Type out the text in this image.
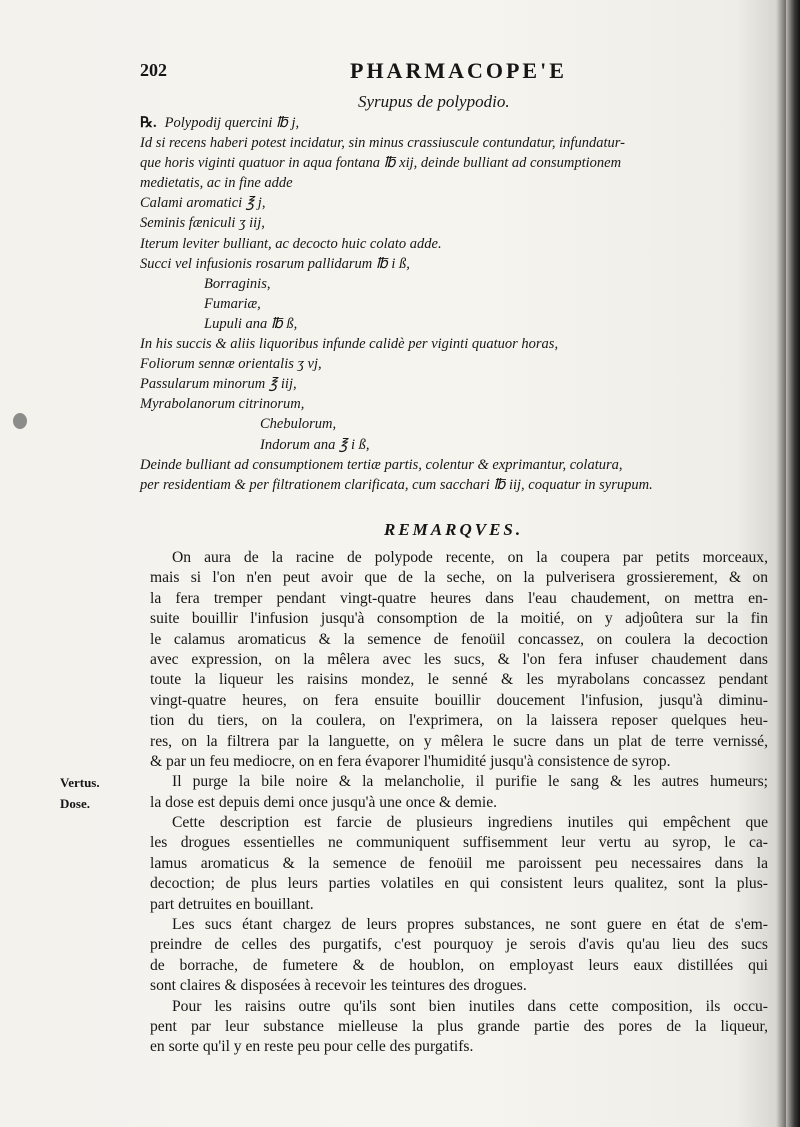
202	PHARMACOPE'E
Syrupus de polypodio.
℞. Polypodij quercini ℔ j,
Id si recens haberi potest incidatur, sin minus crassiuscule contundatur, infundatur-
que horis viginti quatuor in aqua fontana ℔ xij, deinde bulliant ad consumptionem
medietatis, ac in fine adde
Calami aromatici ℥ j,
Seminis fæniculi ʒ iij,
Iterum leviter bulliant, ac decocto huic colato adde.
Succi vel infusionis rosarum pallidarum ℔ i ß,
Borraginis,
Fumariæ,
Lupuli ana ℔ ß,
In his succis & aliis liquoribus infunde calidè per viginti quatuor horas,
Foliorum sennæ orientalis ʒ vj,
Passularum minorum ℥ iij,
Myrabolanorum citrinorum,
Chebulorum,
Indorum ana ℥ i ß,
Deinde bulliant ad consumptionem tertiæ partis, colentur & exprimantur, colatura,
per residentiam & per filtrationem clarificata, cum sacchari ℔ iij, coquatur in syrupum.
REMARQVES.
On aura de la racine de polypode recente, on la coupera par petits morceaux,
mais si l'on n'en peut avoir que de la seche, on la pulverisera grossierement, & on
la fera tremper pendant vingt-quatre heures dans l'eau chaudement, on mettra en-
suite bouillir l'infusion jusqu'à consomption de la moitié, on y adjoûtera sur la fin
le calamus aromaticus & la semence de fenoüil concassez, on coulera la decoction
avec expression, on la mêlera avec les sucs, & l'on fera infuser chaudement dans
toute la liqueur les raisins mondez, le senné & les myrabolans concassez pendant
vingt-quatre heures, on fera ensuite bouillir doucement l'infusion, jusqu'à diminu-
tion du tiers, on la coulera, on l'exprimera, on la laissera reposer quelques heu-
res, on la filtrera par la languette, on y mêlera le sucre dans un plat de terre vernissé,
& par un feu mediocre, on en fera évaporer l'humidité jusqu'à consistence de syrop.
Il purge la bile noire & la melancholie, il purifie le sang & les autres humeurs;
la dose est depuis demi once jusqu'à une once & demie.
Cette description est farcie de plusieurs ingrediens inutiles qui empêchent que
les drogues essentielles ne communiquent suffisemment leur vertu au syrop, le ca-
lamus aromaticus & la semence de fenoüil me paroissent peu necessaires dans la
decoction; de plus leurs parties volatiles en qui consistent leurs qualitez, sont la plus-
part detruites en bouillant.
Les sucs étant chargez de leurs propres substances, ne sont guere en état de s'em-
preindre de celles des purgatifs, c'est pourquoy je serois d'avis qu'au lieu des sucs
de borrache, de fumetere & de houblon, on employast leurs eaux distillées qui
sont claires & disposées à recevoir les teintures des drogues.
Pour les raisins outre qu'ils sont bien inutiles dans cette composition, ils occu-
pent par leur substance mielleuse la plus grande partie des pores de la liqueur,
en sorte qu'il y en reste peu pour celle des purgatifs.
Vertus.
Dose.
